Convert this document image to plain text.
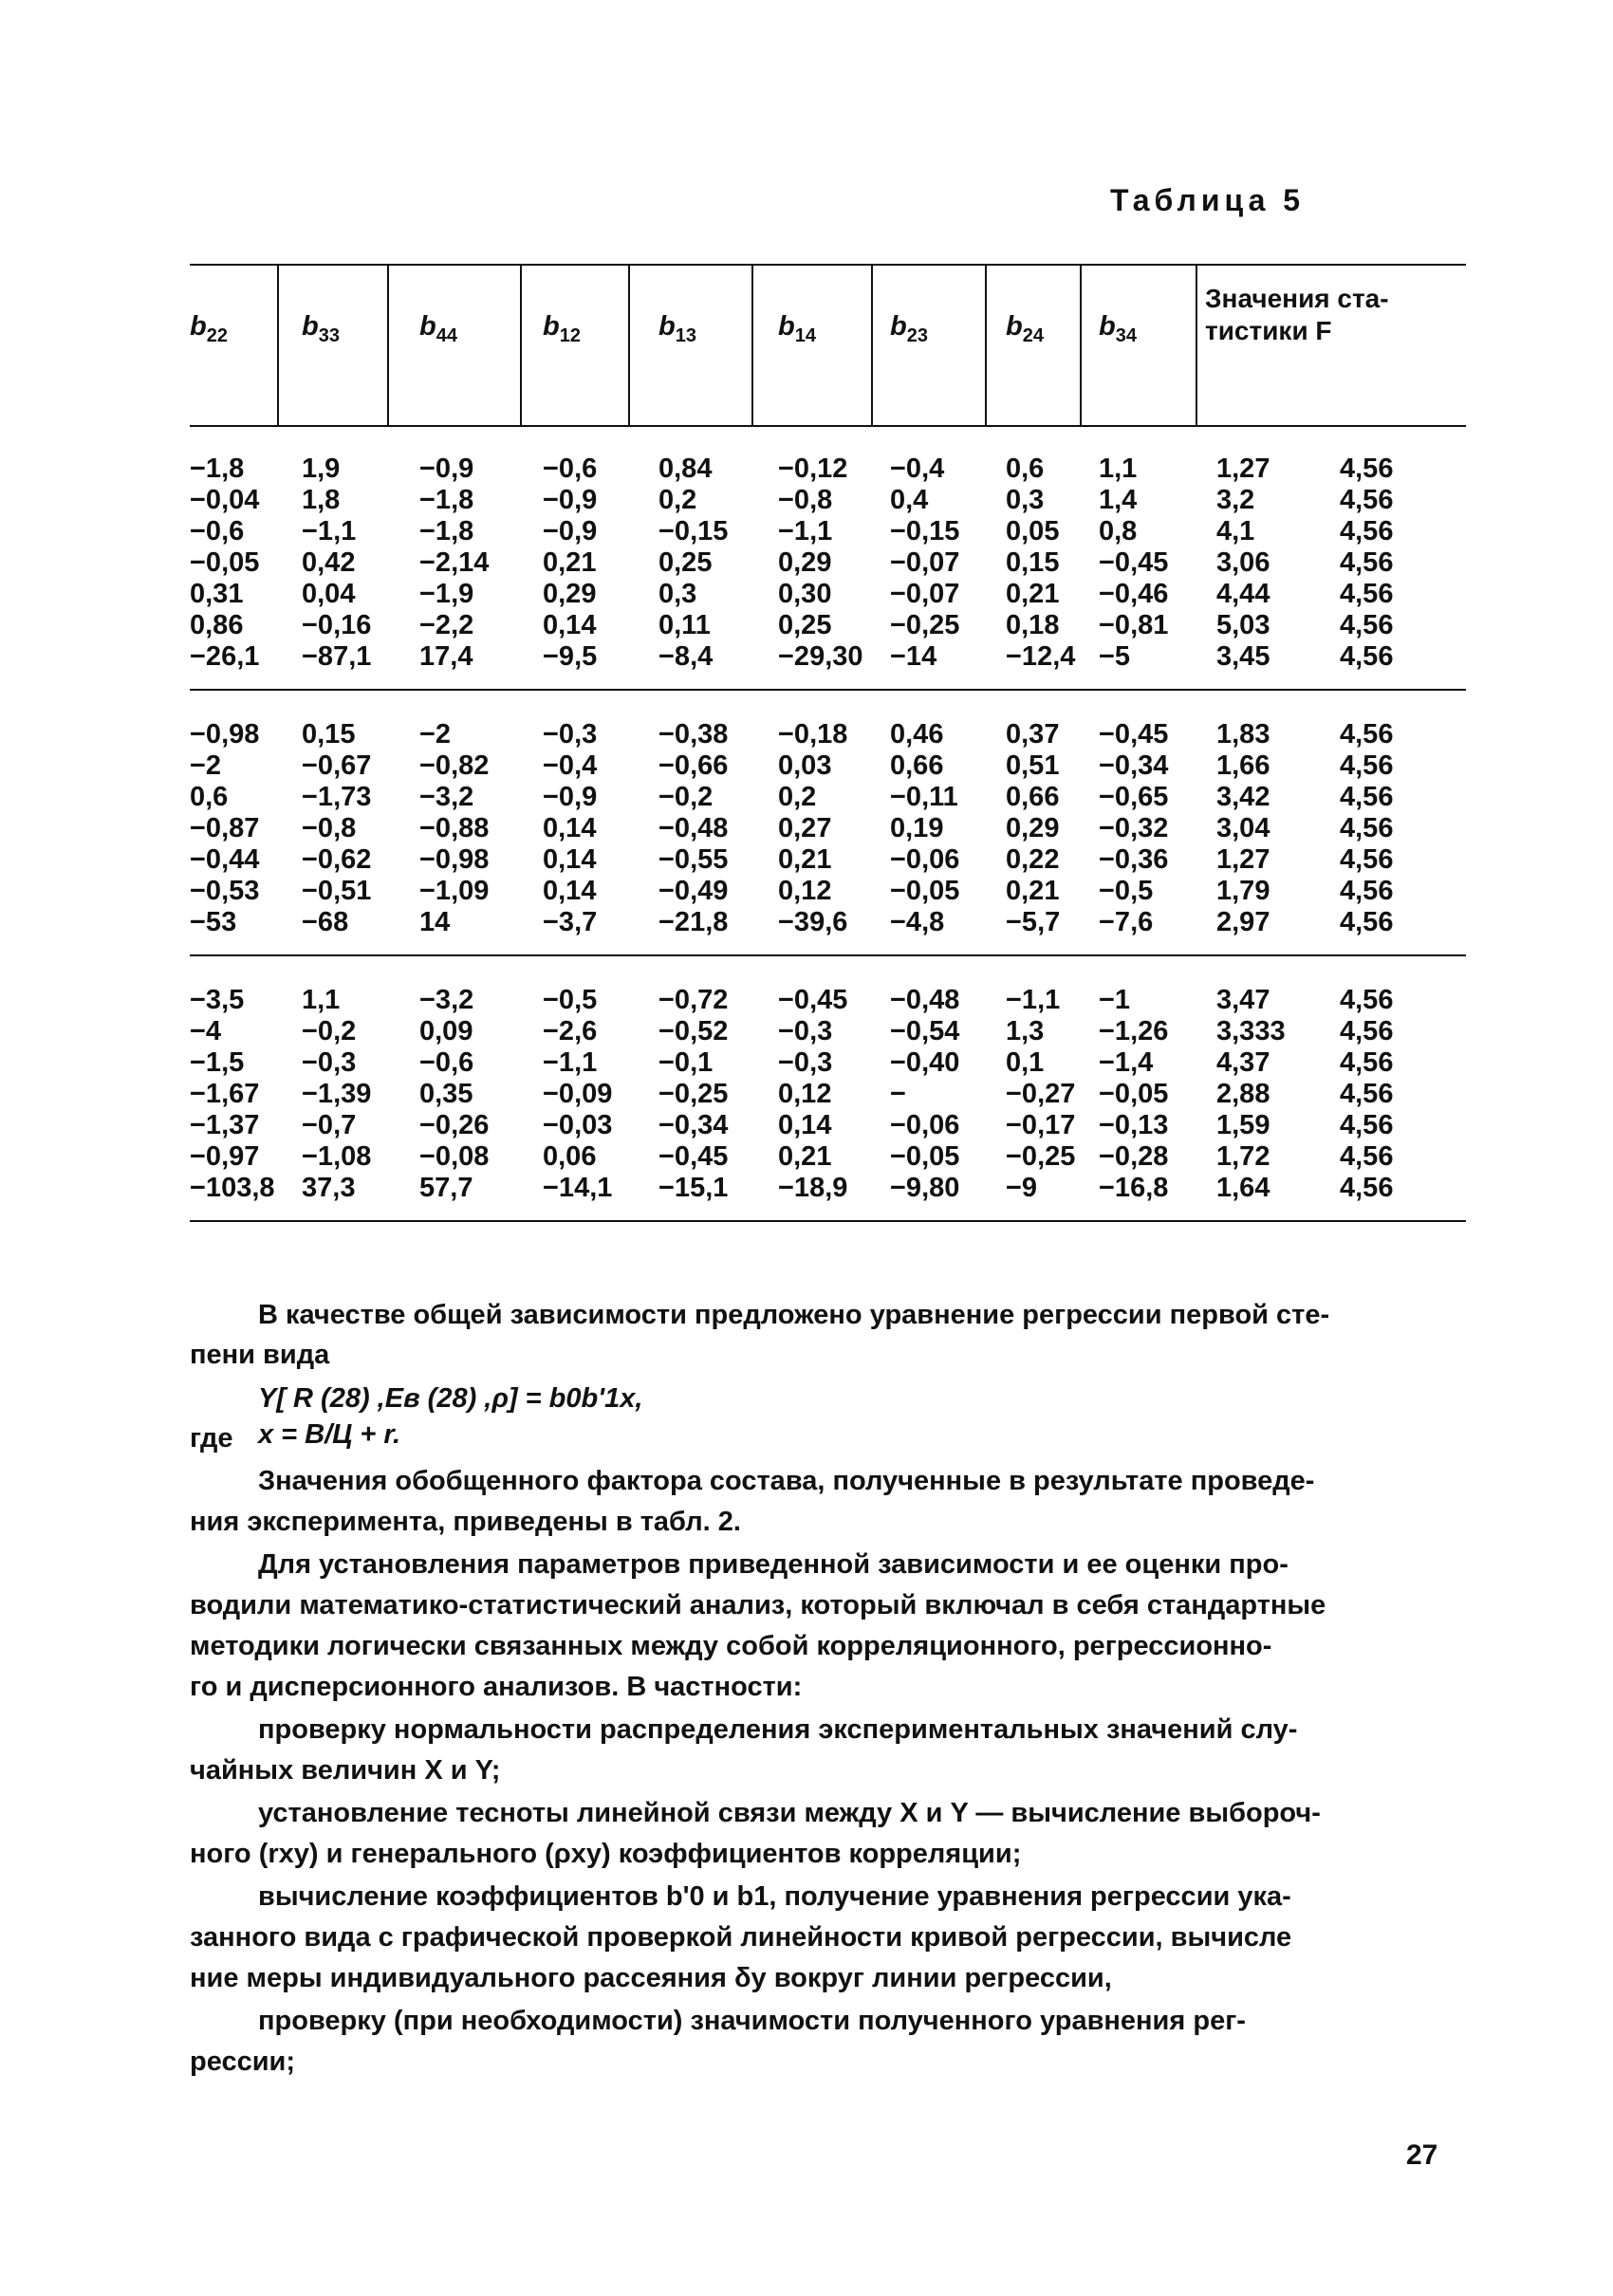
Таблица 5
$b_{22}$	$b_{33}$	$b_{44}$	$b_{12}$	$b_{13}$	$b_{14}$	$b_{23}$	$b_{24}$ $b_{34}$
Значения ста-
тистики F
−1,8 1,9	−0,9	−0,6 0,84 −0,12 −0,4 0,6 1,1	1,27	4,56
−0,04 1,8	−1,8	−0,9 0,2	−0,8 0,4	0,3 1,4	3,2	4,56
−0,6 −1,1 −1,8	−0,9 −0,15 −1,1 −0,15 0,05 0,8	4,1	4,56
−0,05 0,42 −2,14 0,21 0,25 0,29 −0,07 0,15 −0,45 3,06	4,56
0,31 0,04 −1,9	0,29 0,3	0,30 −0,07 0,21 −0,46 4,44	4,56
0,86 −0,16 −2,2	0,14 0,11 0,25 −0,25 0,18 −0,81 5,03	4,56
−26,1 −87,1 17,4	−9,5 −8,4 −29,30 −14	−12,4 −5	3,45	4,56
−0,98 0,15 −2	−0,3 −0,38 −0,18 0,46 0,37 −0,45 1,83	4,56
−2	−0,67 −0,82 −0,4 −0,66 0,03 0,66 0,51 −0,34 1,66	4,56
0,6	−1,73 −3,2	−0,9 −0,2 0,2	−0,11 0,66 −0,65 3,42	4,56
−0,87 −0,8 −0,88 0,14 −0,48 0,27 0,19 0,29 −0,32 3,04	4,56
−0,44 −0,62 −0,98 0,14 −0,55 0,21 −0,06 0,22 −0,36 1,27	4,56
−0,53 −0,51 −1,09 0,14 −0,49 0,12 −0,05 0,21 −0,5 1,79	4,56
−53 −68	14	−3,7 −21,8 −39,6 −4,8 −5,7 −7,6 2,97	4,56
−3,5 1,1	−3,2	−0,5 −0,72 −0,45 −0,48 −1,1 −1	3,47	4,56
−4	−0,2 0,09	−2,6 −0,52 −0,3 −0,54 1,3 −1,26 3,333 4,56
−1,5 −0,3 −0,6	−1,1 −0,1 −0,3 −0,40 0,1 −1,4 4,37	4,56
−1,67 −1,39 0,35	−0,09 −0,25 0,12 −	−0,27 −0,05 2,88	4,56
−1,37 −0,7 −0,26 −0,03 −0,34 0,14 −0,06 −0,17 −0,13 1,59	4,56
−0,97 −1,08 −0,08 0,06 −0,45 0,21 −0,05 −0,25 −0,28 1,72	4,56
−103,8 37,3 57,7	−14,1 −15,1 −18,9 −9,80 −9 −16,8 1,64	4,56
В качестве общей зависимости предложено уравнение регрессии первой сте-
пени вида
Y[ R (28) ,Eв (28) ,ρ] = b0b'1x,
где x = В/Ц + r.
Значения обобщенного фактора состава, полученные в результате проведе-
ния эксперимента, приведены в табл. 2.
Для установления параметров приведенной зависимости и ее оценки про-
водили математико-статистический анализ, который включал в себя стандартные
методики логически связанных между собой корреляционного, регрессионно-
го и дисперсионного анализов. В частности:
проверку нормальности распределения экспериментальных значений слу-
чайных величин X и Y;
установление тесноты линейной связи между X и Y — вычисление выбороч-
ного (rxy) и генерального (ρxy) коэффициентов корреляции;
вычисление коэффициентов b'0 и b1, получение уравнения регрессии ука-
занного вида с графической проверкой линейности кривой регрессии, вычисле
ние меры индивидуального рассеяния δy вокруг линии регрессии,
проверку (при необходимости) значимости полученного уравнения рег-
рессии;
27
